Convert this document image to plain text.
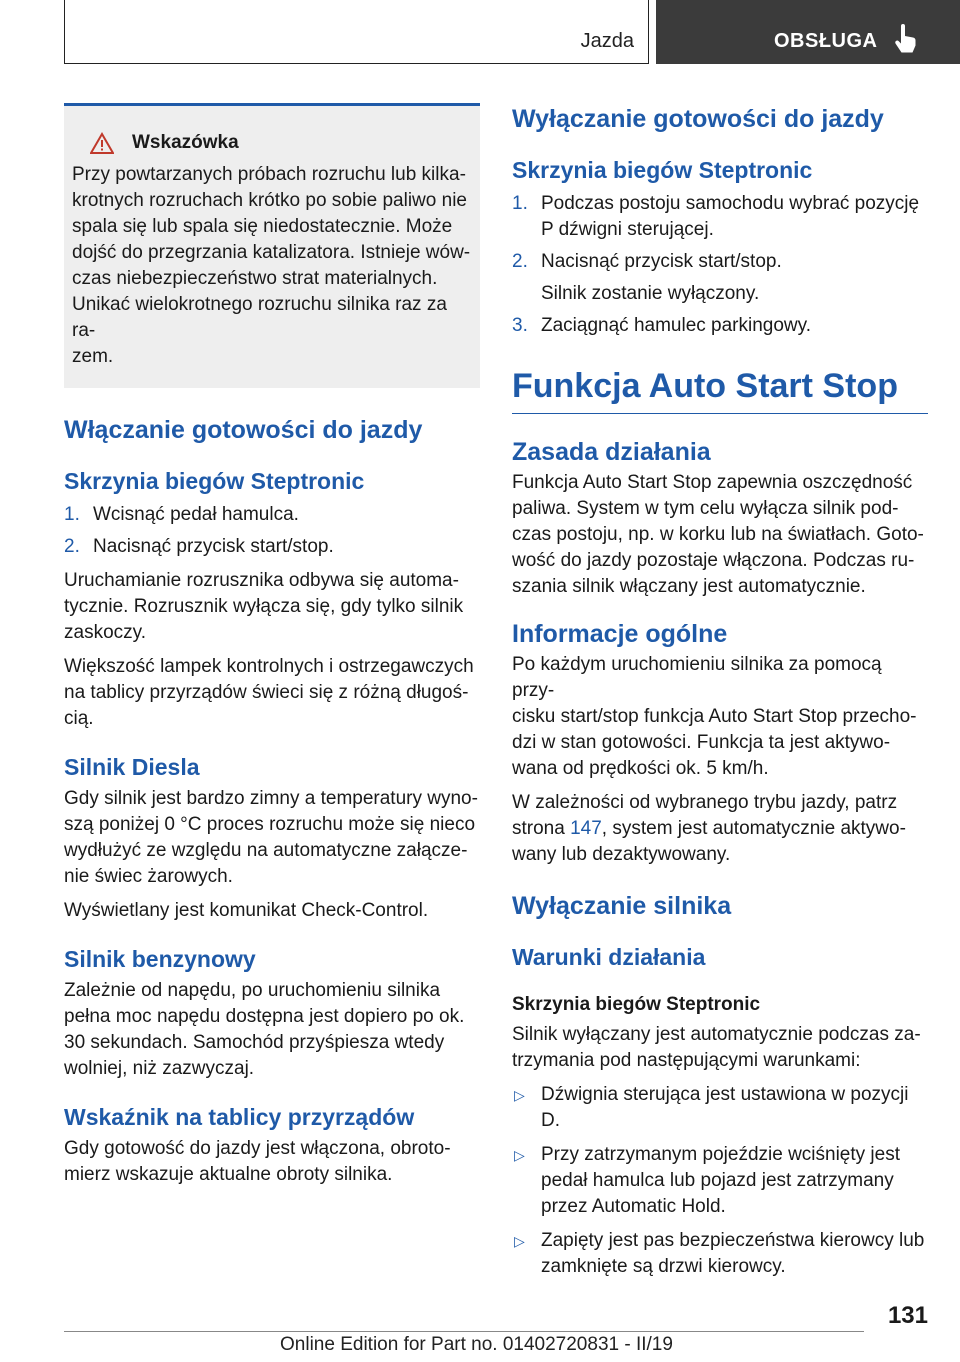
Jazda	OBSŁUGA
Wskazówka
Przy powtarzanych próbach rozruchu lub kilka-
krotnych rozruchach krótko po sobie paliwo nie
spala się lub spala się niedostatecznie. Może
dojść do przegrzania katalizatora. Istnieje wów-
czas niebezpieczeństwo strat materialnych.
Unikać wielokrotnego rozruchu silnika raz za ra-
zem.
Włączanie gotowości do jazdy
Skrzynia biegów Steptronic
1. Wcisnąć pedał hamulca.
2. Nacisnąć przycisk start/stop.

Uruchamianie rozrusznika odbywa się automa-
tycznie. Rozrusznik wyłącza się, gdy tylko silnik
zaskoczy.

Większość lampek kontrolnych i ostrzegawczych
na tablicy przyrządów świeci się z różną długoś-
cią.

Silnik Diesla

Gdy silnik jest bardzo zimny a temperatury wyno-
szą poniżej 0 °C proces rozruchu może się nieco
wydłużyć ze względu na automatyczne załącze-
nie świec żarowych.

Wyświetlany jest komunikat Check-Control.

Silnik benzynowy

Zależnie od napędu, po uruchomieniu silnika
pełna moc napędu dostępna jest dopiero po ok.
30 sekundach. Samochód przyśpiesza wtedy
wolniej, niż zazwyczaj.

Wskaźnik na tablicy przyrządów

Gdy gotowość do jazdy jest włączona, obroto-
mierz wskazuje aktualne obroty silnika.

Wyłączanie gotowości do jazdy
Skrzynia biegów Steptronic
1. Podczas postoju samochodu wybrać pozycję
P dźwigni sterującej.
2. Nacisnąć przycisk start/stop.
Silnik zostanie wyłączony.
3. Zaciągnąć hamulec parkingowy.
Funkcja Auto Start Stop
Zasada działania

Funkcja Auto Start Stop zapewnia oszczędność
paliwa. System w tym celu wyłącza silnik pod-
czas postoju, np. w korku lub na światłach. Goto-
wość do jazdy pozostaje włączona. Podczas ru-
szania silnik włączany jest automatycznie.

Informacje ogólne

Po każdym uruchomieniu silnika za pomocą przy-
cisku start/stop funkcja Auto Start Stop przecho-
dzi w stan gotowości. Funkcja ta jest aktywo-
wana od prędkości ok. 5 km/h.

W zależności od wybranego trybu jazdy, patrz
strona 147, system jest automatycznie aktywo-
wany lub dezaktywowany.

Wyłączanie silnika
Warunki działania
Skrzynia biegów Steptronic

Silnik wyłączany jest automatycznie podczas za-
trzymania pod następującymi warunkami:

▷ Dźwignia sterująca jest ustawiona w pozycji
D.
▷ Przy zatrzymanym pojeździe wciśnięty jest
pedał hamulca lub pojazd jest zatrzymany
przez Automatic Hold.
▷ Zapięty jest pas bezpieczeństwa kierowcy lub
zamknięte są drzwi kierowcy.
131
Online Edition for Part no. 01402720831 - II/19
